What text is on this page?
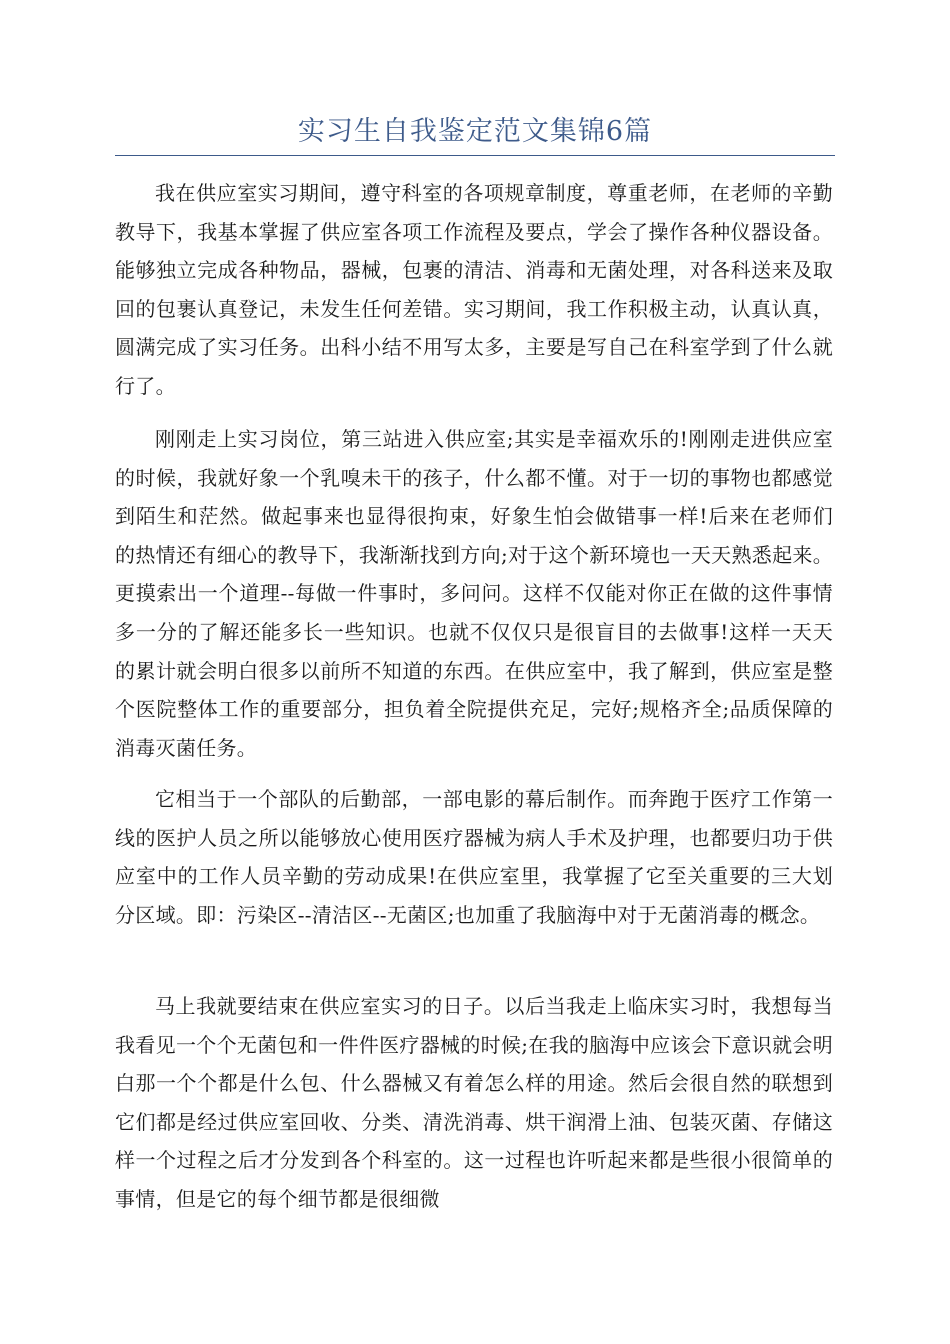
实习生自我鉴定范文集锦6篇

我在供应室实习期间，遵守科室的各项规章制度，尊重老师，在老师的辛勤教导下，我基本掌握了供应室各项工作流程及要点，学会了操作各种仪器设备。能够独立完成各种物品，器械，包裹的清洁、消毒和无菌处理，对各科送来及取回的包裹认真登记，未发生任何差错。实习期间，我工作积极主动，认真认真，圆满完成了实习任务。出科小结不用写太多，主要是写自己在科室学到了什么就行了。

刚刚走上实习岗位，第三站进入供应室;其实是幸福欢乐的!刚刚走进供应室的时候，我就好象一个乳嗅未干的孩子，什么都不懂。对于一切的事物也都感觉到陌生和茫然。做起事来也显得很拘束，好象生怕会做错事一样!后来在老师们的热情还有细心的教导下，我渐渐找到方向;对于这个新环境也一天天熟悉起来。更摸索出一个道理--每做一件事时，多问问。这样不仅能对你正在做的这件事情多一分的了解还能多长一些知识。也就不仅仅只是很盲目的去做事!这样一天天的累计就会明白很多以前所不知道的东西。在供应室中，我了解到，供应室是整个医院整体工作的重要部分，担负着全院提供充足，完好;规格齐全;品质保障的消毒灭菌任务。

它相当于一个部队的后勤部，一部电影的幕后制作。而奔跑于医疗工作第一线的医护人员之所以能够放心使用医疗器械为病人手术及护理，也都要归功于供应室中的工作人员辛勤的劳动成果!在供应室里，我掌握了它至关重要的三大划分区域。即：污染区--清洁区--无菌区;也加重了我脑海中对于无菌消毒的概念。

马上我就要结束在供应室实习的日子。以后当我走上临床实习时，我想每当我看见一个个无菌包和一件件医疗器械的时候;在我的脑海中应该会下意识就会明白那一个个都是什么包、什么器械又有着怎么样的用途。然后会很自然的联想到它们都是经过供应室回收、分类、清洗消毒、烘干润滑上油、包装灭菌、存储这样一个过程之后才分发到各个科室的。这一过程也许听起来都是些很小很简单的事情，但是它的每个细节都是很细微
